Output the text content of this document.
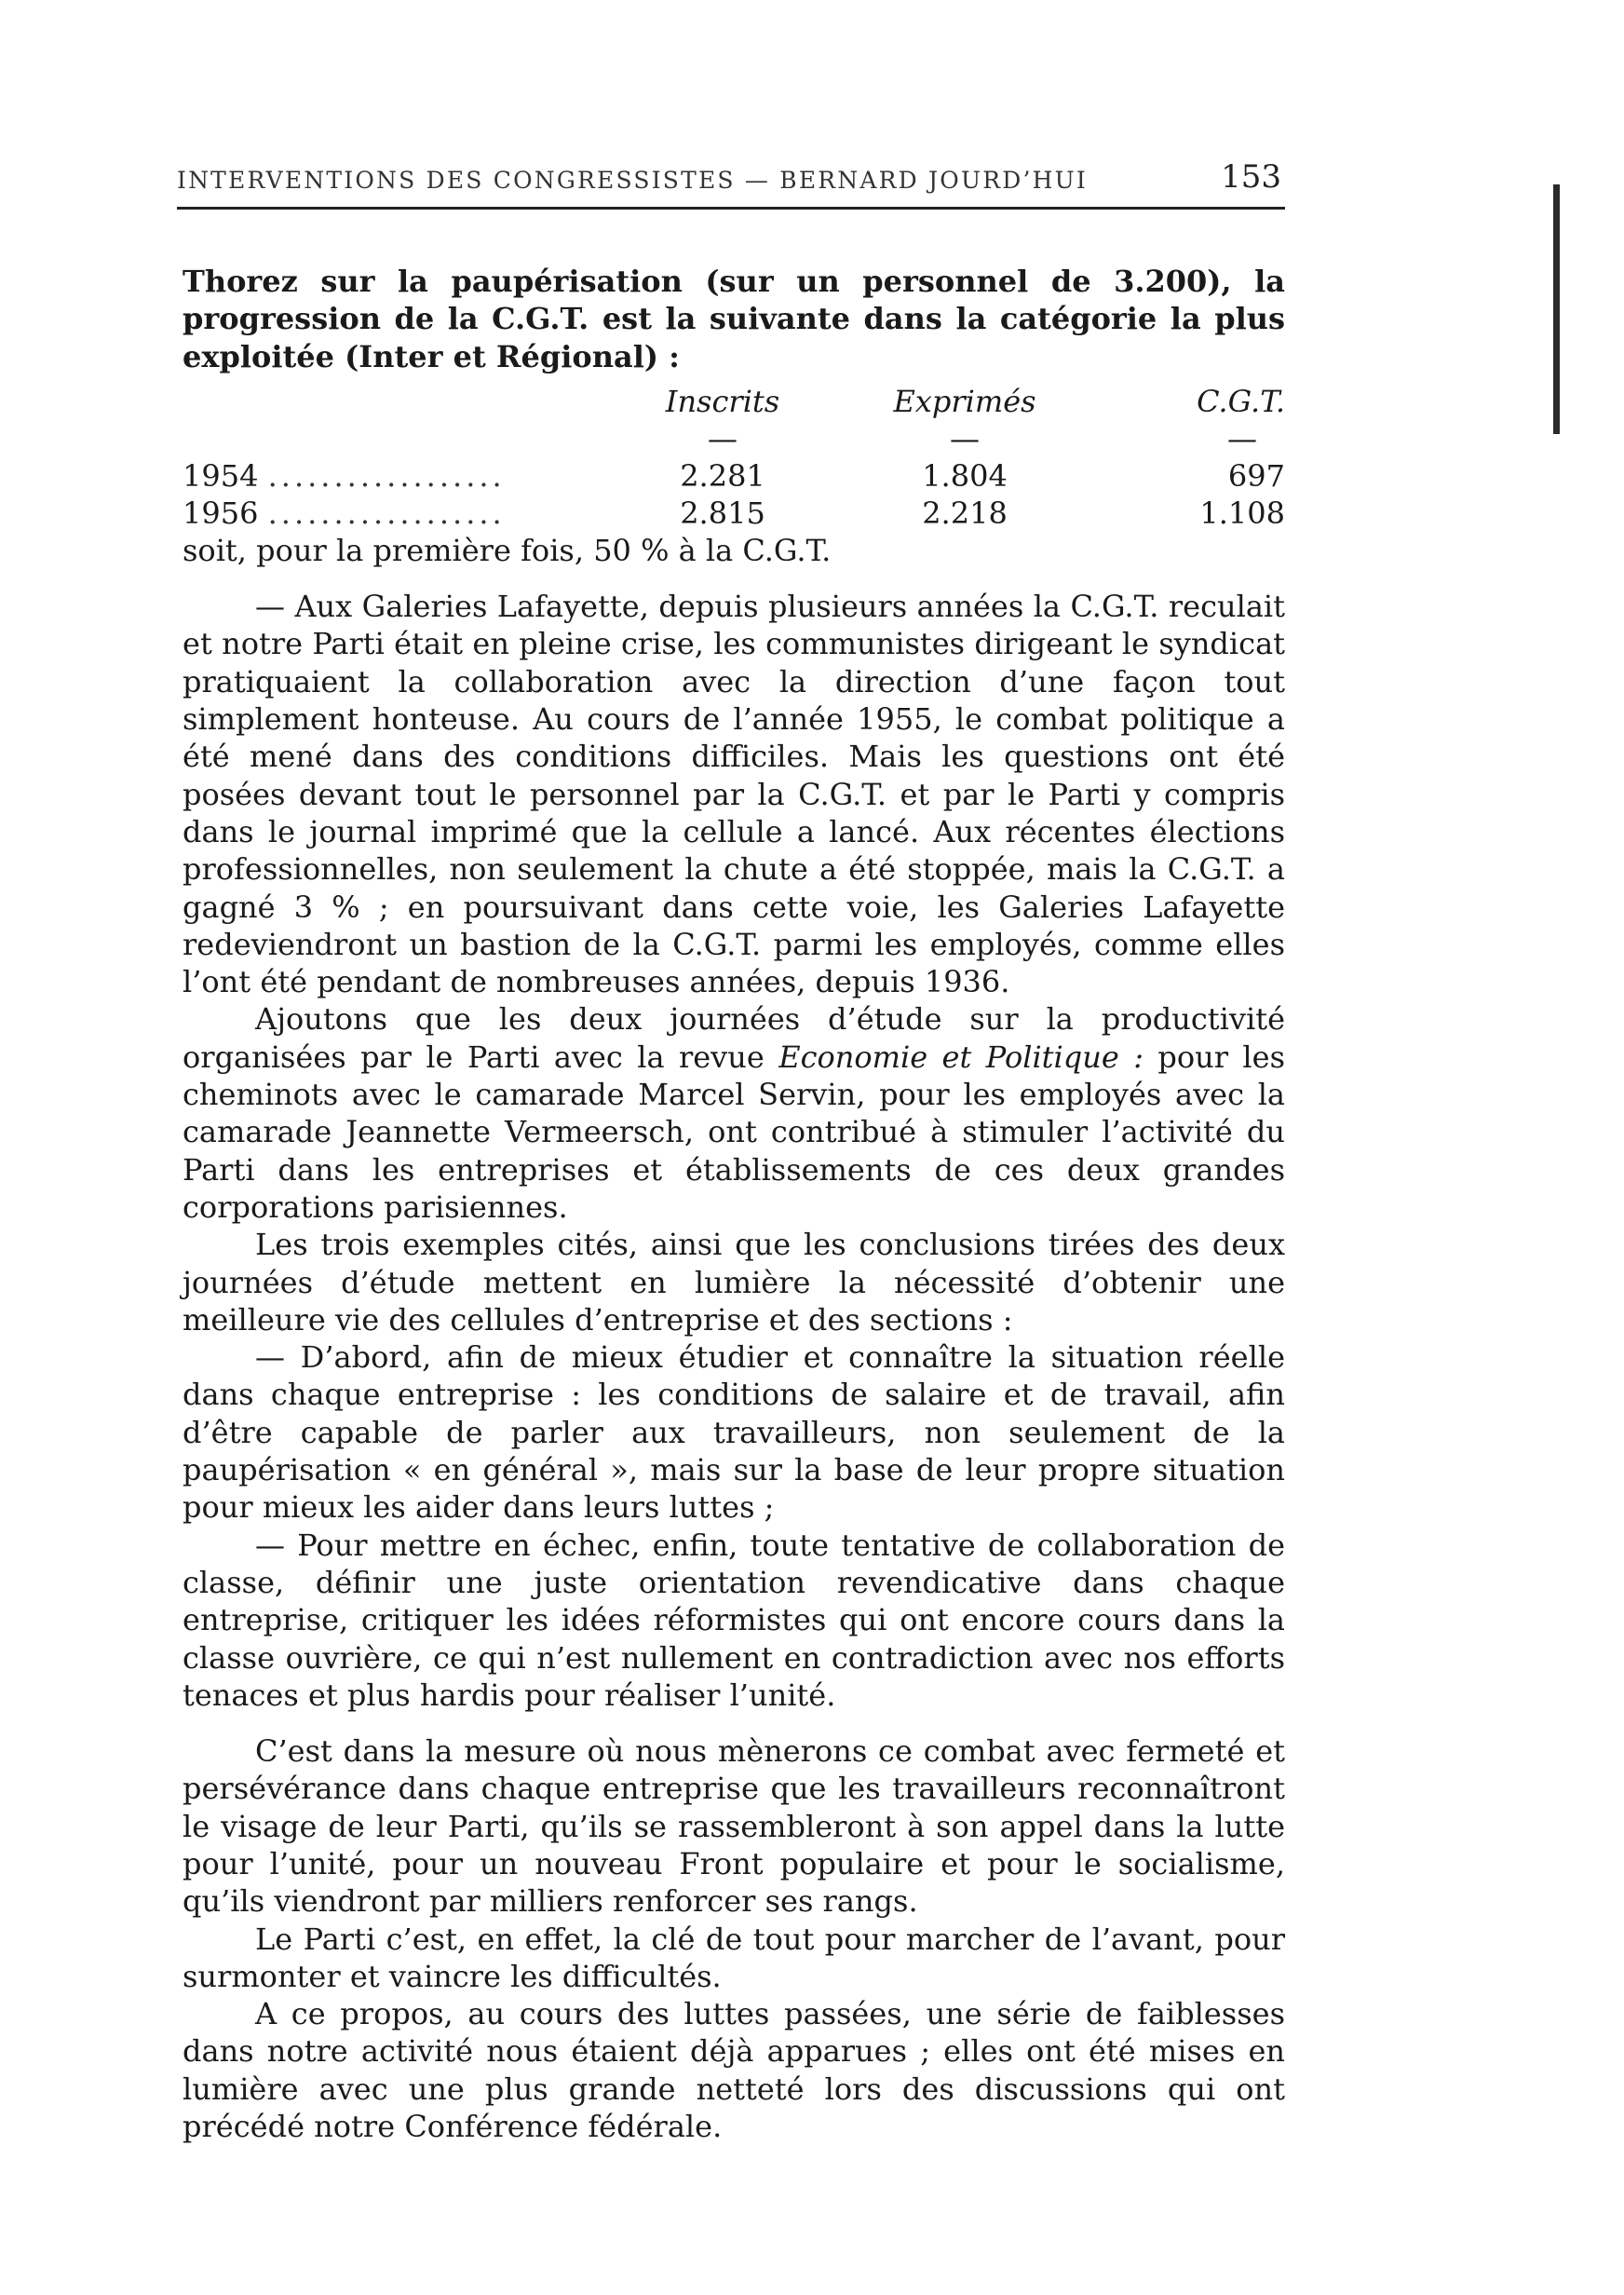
INTERVENTIONS DES CONGRESSISTES — BERNARD JOURD’HUI	153

Thorez sur la paupérisation (sur un personnel de 3.200), la progression de la C.G.T. est la suivante dans la catégorie la plus exploitée (Inter et Régional) :

	Inscrits	Exprimés	C.G.T.
	—	—	—
1954 ..................	2.281	1.804	697
1956 ..................	2.815	2.218	1.108

soit, pour la première fois, 50 % à la C.G.T.

— Aux Galeries Lafayette, depuis plusieurs années la C.G.T. reculait et notre Parti était en pleine crise, les communistes dirigeant le syndicat pratiquaient la collaboration avec la direction d’une façon tout simplement honteuse. Au cours de l’année 1955, le combat politique a été mené dans des conditions difficiles. Mais les questions ont été posées devant tout le personnel par la C.G.T. et par le Parti y compris dans le journal imprimé que la cellule a lancé. Aux récentes élections professionnelles, non seulement la chute a été stoppée, mais la C.G.T. a gagné 3 % ; en poursuivant dans cette voie, les Galeries Lafayette redeviendront un bastion de la C.G.T. parmi les employés, comme elles l’ont été pendant de nombreuses années, depuis 1936.

Ajoutons que les deux journées d’étude sur la productivité organisées par le Parti avec la revue Economie et Politique : pour les cheminots avec le camarade Marcel Servin, pour les employés avec la camarade Jeannette Vermeersch, ont contribué à stimuler l’activité du Parti dans les entreprises et établissements de ces deux grandes corporations parisiennes.

Les trois exemples cités, ainsi que les conclusions tirées des deux journées d’étude mettent en lumière la nécessité d’obtenir une meilleure vie des cellules d’entreprise et des sections :

— D’abord, afin de mieux étudier et connaître la situation réelle dans chaque entreprise : les conditions de salaire et de travail, afin d’être capable de parler aux travailleurs, non seulement de la paupérisation « en général », mais sur la base de leur propre situation pour mieux les aider dans leurs luttes ;

— Pour mettre en échec, enfin, toute tentative de collaboration de classe, définir une juste orientation revendicative dans chaque entreprise, critiquer les idées réformistes qui ont encore cours dans la classe ouvrière, ce qui n’est nullement en contradiction avec nos efforts tenaces et plus hardis pour réaliser l’unité.

C’est dans la mesure où nous mènerons ce combat avec fermeté et persévérance dans chaque entreprise que les travailleurs reconnaîtront le visage de leur Parti, qu’ils se rassembleront à son appel dans la lutte pour l’unité, pour un nouveau Front populaire et pour le socialisme, qu’ils viendront par milliers renforcer ses rangs.

Le Parti c’est, en effet, la clé de tout pour marcher de l’avant, pour surmonter et vaincre les difficultés.

A ce propos, au cours des luttes passées, une série de faiblesses dans notre activité nous étaient déjà apparues ; elles ont été mises en lumière avec une plus grande netteté lors des discussions qui ont précédé notre Conférence fédérale.
